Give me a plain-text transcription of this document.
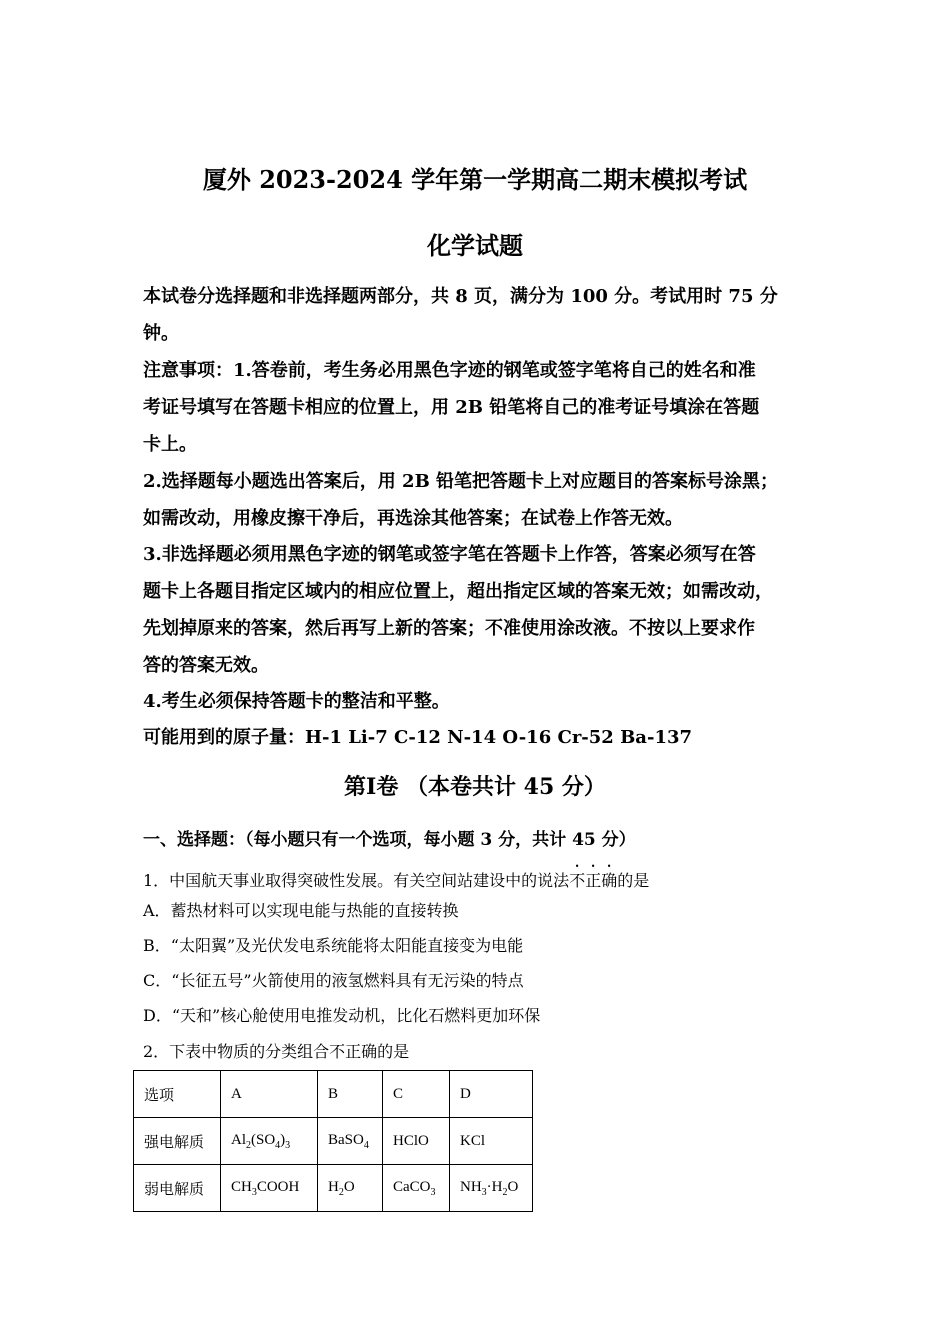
厦外 2023-2024 学年第一学期高二期末模拟考试
化学试题
本试卷分选择题和非选择题两部分，共 8 页，满分为 100 分。考试用时 75 分
钟。
注意事项：1.答卷前，考生务必用黑色字迹的钢笔或签字笔将自己的姓名和准
考证号填写在答题卡相应的位置上，用 2B 铅笔将自己的准考证号填涂在答题
卡上。
2.选择题每小题选出答案后，用 2B 铅笔把答题卡上对应题目的答案标号涂黑；
如需改动，用橡皮擦干净后，再选涂其他答案；在试卷上作答无效。
3.非选择题必须用黑色字迹的钢笔或签字笔在答题卡上作答，答案必须写在答
题卡上各题目指定区域内的相应位置上，超出指定区域的答案无效；如需改动，
先划掉原来的答案，然后再写上新的答案；不准使用涂改液。不按以上要求作
答的答案无效。
4.考生必须保持答题卡的整洁和平整。
可能用到的原子量：H-1 Li-7 C-12 N-14 O-16 Cr-52 Ba-137
第Ⅰ卷 （本卷共计 45 分）
一、选择题：（每小题只有一个选项，每小题 3 分，共计 45 分）
1．中国航天事业取得突破性发展。有关空间站建设中的说法不正确的是
A．蓄热材料可以实现电能与热能的直接转换
B．“太阳翼”及光伏发电系统能将太阳能直接变为电能
C．“长征五号”火箭使用的液氢燃料具有无污染的特点
D．“天和”核心舱使用电推发动机，比化石燃料更加环保
2．下表中物质的分类组合不正确的是
选项	A	B	C	D
强电解质	$Al_2(SO_4)_3$	BaSO$_4$	HClO	KCl
弱电解质	$CH_3COOH$	$H_2O$	CaCO$_3$	$NH_3\cdot H_2O$
